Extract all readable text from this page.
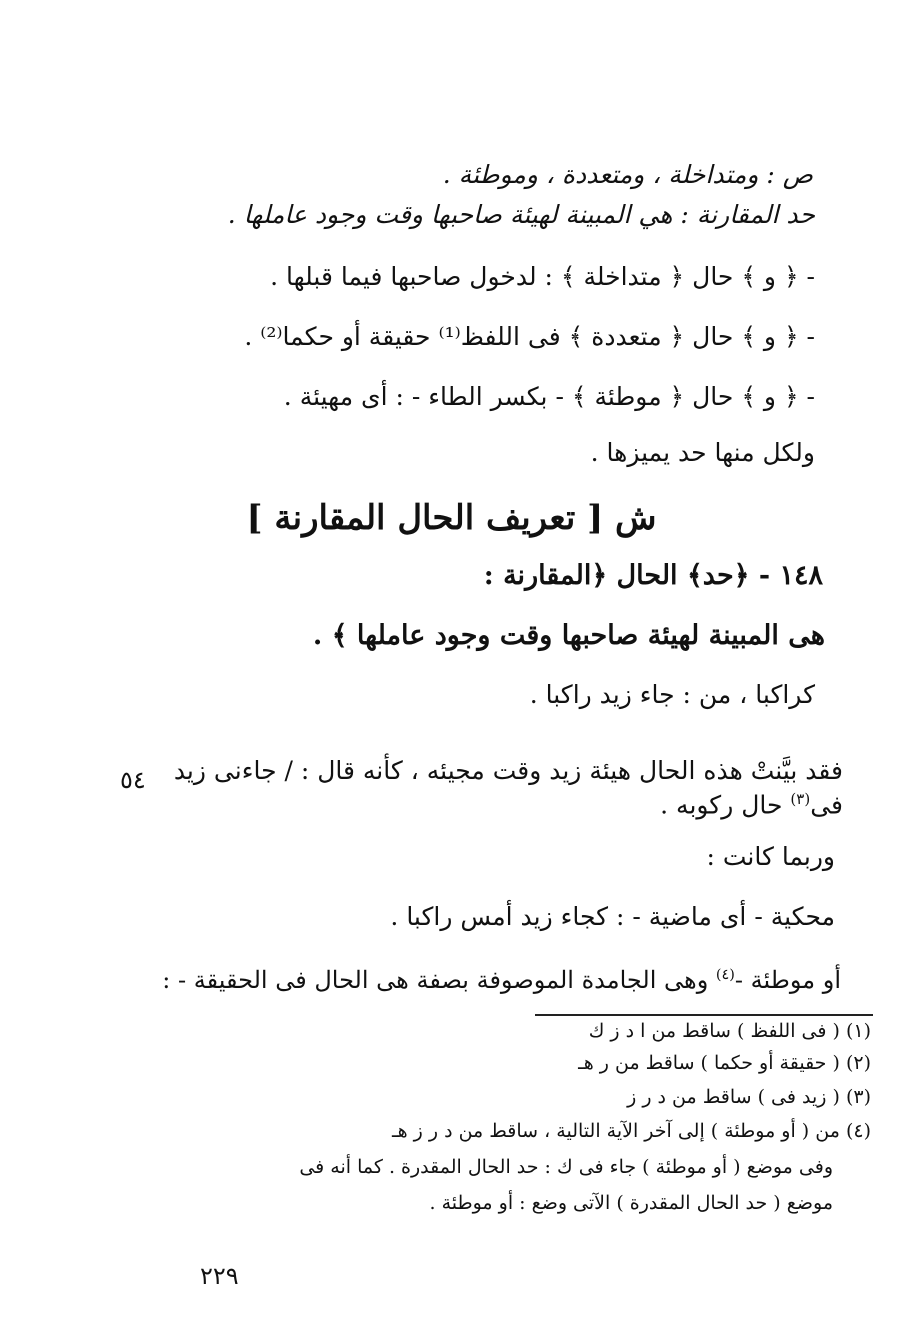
ص : ومتداخلة ، ومتعددة ، وموطئة .
حد المقارنة : هي المبينة لهيئة صاحبها وقت وجود عاملها .
- ﴿ و ﴾ حال ﴿ متداخلة ﴾ : لدخول صاحبها فيما قبلها .
- ﴿ و ﴾ حال ﴿ متعددة ﴾ فى اللفظ⁽¹⁾ حقيقة أو حكما⁽²⁾ .
- ﴿ و ﴾ حال ﴿ موطئة ﴾ - بكسر الطاء - : أى مهيئة .
ولكل منها حد يميزها .
ش [ تعريف الحال المقارنة ]
١٤٨ - ﴿حد﴾ الحال ﴿المقارنة :
هى المبينة لهيئة صاحبها وقت وجود عاملها ﴾ .
كراكبا ، من : جاء زيد راكبا .
فقد بيَّنتْ هذه الحال هيئة زيد وقت مجيئه ، كأنه قال : / جاءنى زيد
٥٤
فى$^{(٣)}$ حال ركوبه .
وربما كانت :
محكية - أى ماضية - : كجاء زيد أمس راكبا .
أو موطئة -$^{(٤)}$ وهى الجامدة الموصوفة بصفة هى الحال فى الحقيقة - :
(١) ( فى اللفظ ) ساقط من ا د ز ك
(٢) ( حقيقة أو حكما ) ساقط من ر هـ
(٣) ( زيد فى ) ساقط من د ر ز
(٤) من ( أو موطئة ) إلى آخر الآية التالية ، ساقط من د ر ز هـ
وفى موضع ( أو موطئة ) جاء فى ك : حد الحال المقدرة . كما أنه فى
موضع ( حد الحال المقدرة ) الآتى وضع : أو موطئة .
٢٢٩
